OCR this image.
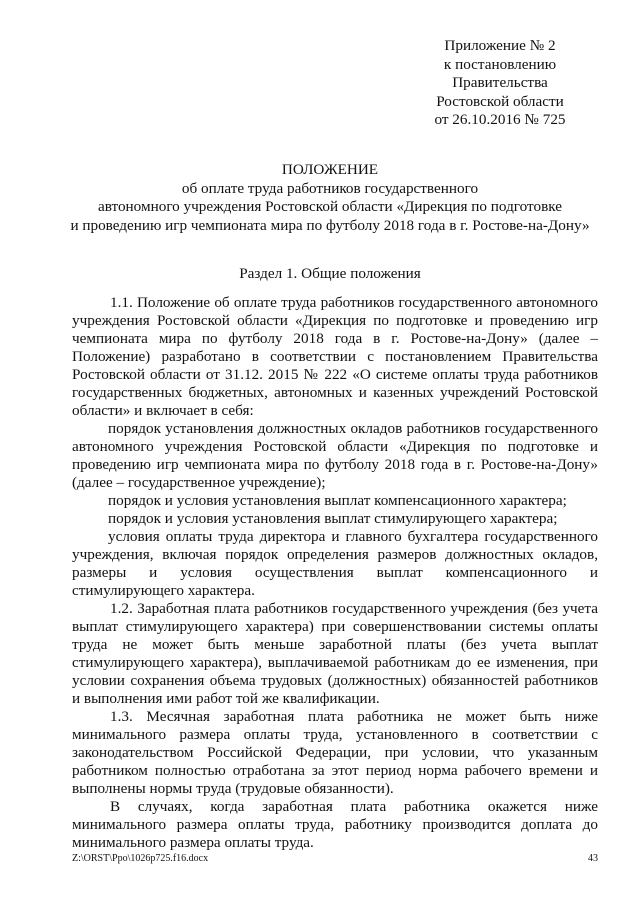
Приложение № 2
к постановлению
Правительства
Ростовской области
от 26.10.2016 № 725
ПОЛОЖЕНИЕ
об оплате труда работников государственного
автономного учреждения Ростовской области «Дирекция по подготовке
и проведению игр чемпионата мира по футболу 2018 года в г. Ростове-на-Дону»
Раздел 1. Общие положения

1.1. Положение об оплате труда работников государственного автономного учреждения Ростовской области «Дирекция по подготовке и проведению игр чемпионата мира по футболу 2018 года в г. Ростове-на-Дону» (далее – Положение) разработано в соответствии с постановлением Правительства Ростовской области от 31.12. 2015 № 222 «О системе оплаты труда работников государственных бюджетных, автономных и казенных учреждений Ростовской области» и включает в себя:

порядок установления должностных окладов работников государственного автономного учреждения Ростовской области «Дирекция по подготовке и проведению игр чемпионата мира по футболу 2018 года в г. Ростове-на-Дону» (далее – государственное учреждение);

порядок и условия установления выплат компенсационного характера;

порядок и условия установления выплат стимулирующего характера;

условия оплаты труда директора и главного бухгалтера государственного учреждения, включая порядок определения размеров должностных окладов, размеры и условия осуществления выплат компенсационного и стимулирующего характера.

1.2. Заработная плата работников государственного учреждения (без учета выплат стимулирующего характера) при совершенствовании системы оплаты труда не может быть меньше заработной платы (без учета выплат стимулирующего характера), выплачиваемой работникам до ее изменения, при условии сохранения объема трудовых (должностных) обязанностей работников и выполнения ими работ той же квалификации.

1.3. Месячная заработная плата работника не может быть ниже минимального размера оплаты труда, установленного в соответствии с законодательством Российской Федерации, при условии, что указанным работником полностью отработана за этот период норма рабочего времени и выполнены нормы труда (трудовые обязанности).

В случаях, когда заработная плата работника окажется ниже минимального размера оплаты труда, работнику производится доплата до минимального размера оплаты труда.

Z:\ORST\Ppo\1026p725.f16.docx	43
